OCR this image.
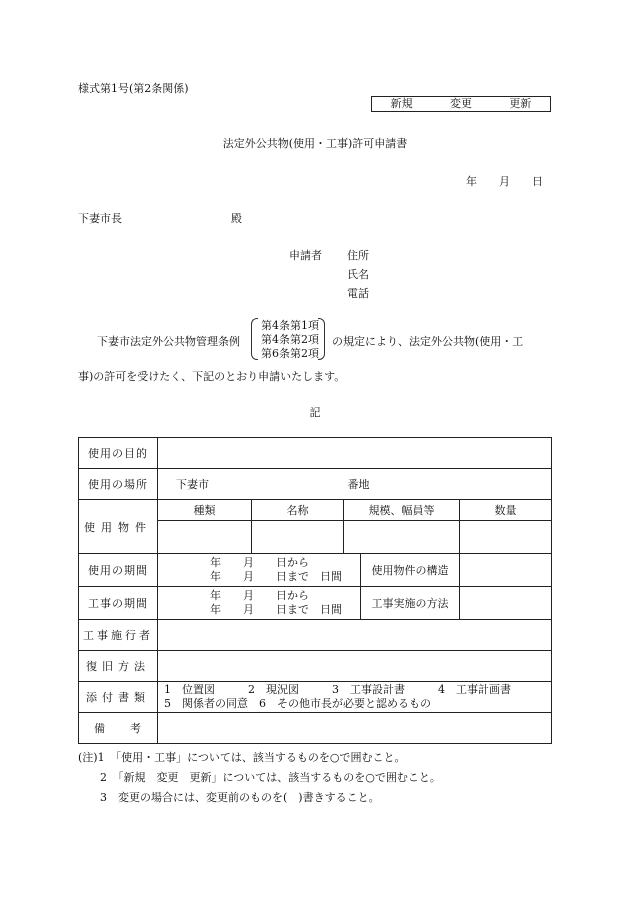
様式第1号(第2条関係)
新規	変更	更新
法定外公共物(使用・工事)許可申請書
年　　月　　日
下妻市長	殿
申請者 住所
氏名
電話
下妻市法定外公共物管理条例
第4条第1項
第4条第2項
第6条第2項
の規定により、法定外公共物(使用・工
事)の許可を受けたく、下記のとおり申請いたします。
記
使用の目的					
使用の場所	下妻市 番地				
使用物件	種類	名称	規模、幅員等		数量

使用の期間	年　　月　　日から
年　　月　　日まで　日間			使用物件の構造	
工事の期間	年　　月　　日から
年　　月　　日まで　日間			工事実施の方法	
工事施行者					
復旧方法					
添付書類	1　位置図　　　2　現況図　　　3　工事設計書　　　4　工事計画書
5　関係者の同意　6　その他市長が必要と認めるもの				

備　　考					
(注)1　「使用・工事」については、該当するものを○で囲むこと。
2　「新規　変更　更新」については、該当するものを○で囲むこと。
3　変更の場合には、変更前のものを(　)書きすること。
